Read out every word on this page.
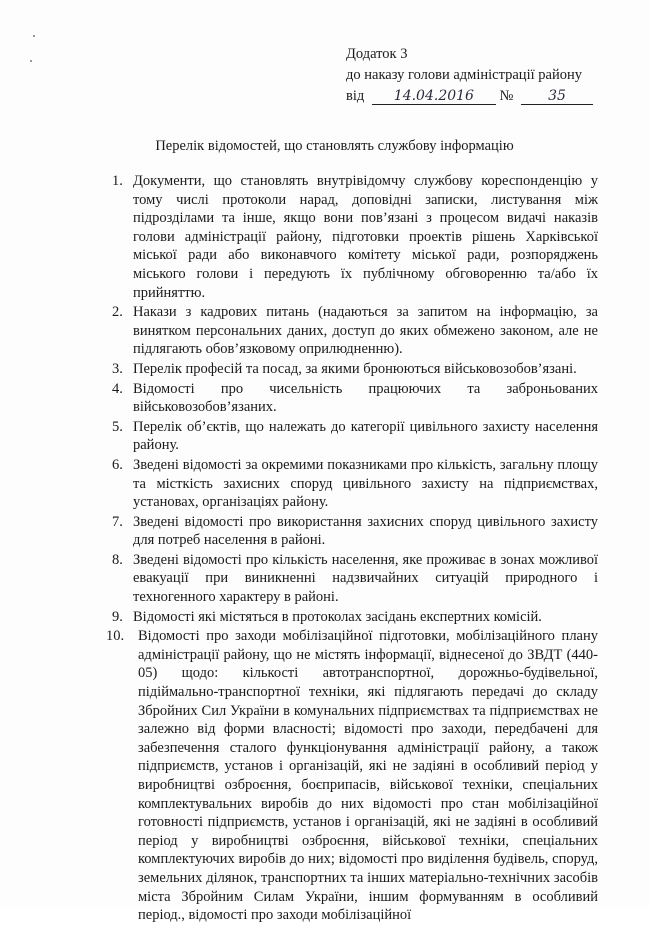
Додаток 3
до наказу голови адміністрації району
від 14.04.2016 № 35
Перелік відомостей, що становлять службову інформацію
1. Документи, що становлять внутрівідомчу службову кореспонденцію у тому числі протоколи нарад, доповідні записки, листування між підрозділами та інше, якщо вони пов’язані з процесом видачі наказів голови адміністрації району, підготовки проектів рішень Харківської міської ради або виконавчого комітету міської ради, розпоряджень міського голови і передують їх публічному обговоренню та/або їх прийняттю.
2. Накази з кадрових питань (надаються за запитом на інформацію, за винятком персональних даних, доступ до яких обмежено законом, але не підлягають обов’язковому оприлюдненню).
3. Перелік професій та посад, за якими бронюються військовозобов’язані.
4. Відомості про чисельність працюючих та заброньованих військовозобов’язаних.
5. Перелік об’єктів, що належать до категорії цивільного захисту населення району.
6. Зведені відомості за окремими показниками про кількість, загальну площу та місткість захисних споруд цивільного захисту на підприємствах, установах, організаціях району.
7. Зведені відомості про використання захисних споруд цивільного захисту для потреб населення в районі.
8. Зведені відомості про кількість населення, яке проживає в зонах можливої евакуації при виникненні надзвичайних ситуацій природного і техногенного характеру в районі.
9. Відомості які містяться в протоколах засідань експертних комісій.
10. Відомості про заходи мобілізаційної підготовки, мобілізаційного плану адміністрації району, що не містять інформації, віднесеної до ЗВДТ (440-05) щодо: кількості автотранспортної, дорожньо-будівельної, підіймально-транспортної техніки, які підлягають передачі до складу Збройних Сил України в комунальних підприємствах та підприємствах не залежно від форми власності; відомості про заходи, передбачені для забезпечення сталого функціонування адміністрації району, а також підприємств, установ і організацій, які не задіяні в особливий період у виробництві озброєння, боєприпасів, військової техніки, спеціальних комплектувальних виробів до них відомості про стан мобілізаційної готовності підприємств, установ і організацій, які не задіяні в особливий період у виробництві озброєння, військової техніки, спеціальних комплектуючих виробів до них; відомості про виділення будівель, споруд, земельних ділянок, транспортних та інших матеріально-технічних засобів міста Збройним Силам України, іншим формуванням в особливий період., відомості про заходи мобілізаційної
